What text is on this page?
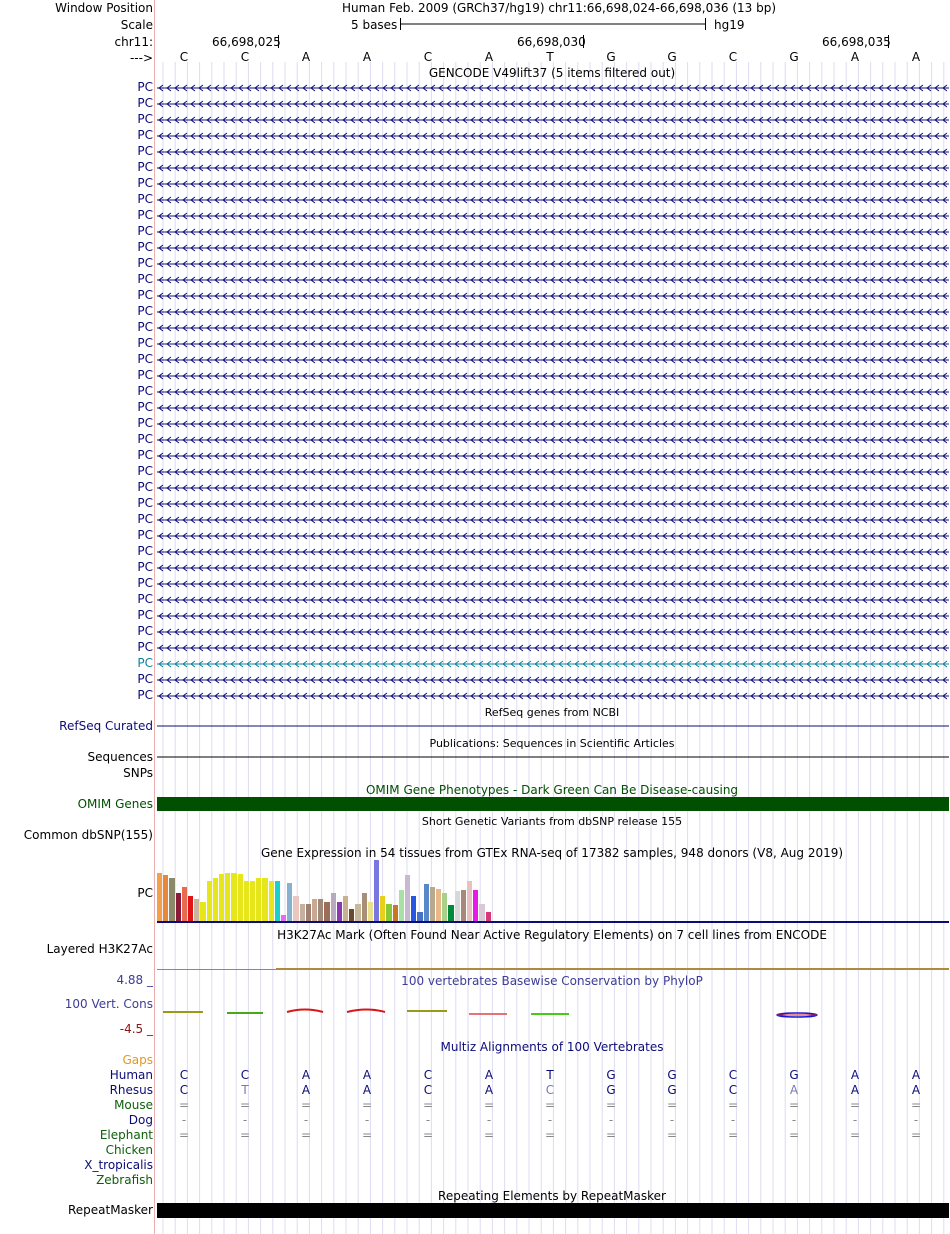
Window Position
Scale
chr11:
--->
Human Feb. 2009 (GRCh37/hg19) chr11:66,698,024-66,698,036 (13 bp)
5 bases	hg19
66,698,025	66,698,030	66,698,035
C	C	A	A	C	A	T	G	G	C	G	A	A
GENCODE V49lift37 (5 items filtered out)
PC
PC
PC
PC
PC
PC
PC
PC
PC
PC
PC
PC
PC
PC
PC
PC
PC
PC
PC
PC
PC
PC
PC
PC
PC
PC
PC
PC
PC
PC
PC
PC
PC
PC
PC
PC
PC
PC
PC
RefSeq genes from NCBI
RefSeq Curated
Publications: Sequences in Scientific Articles
Sequences
SNPs
OMIM Gene Phenotypes - Dark Green Can Be Disease-causing
OMIM Genes
Short Genetic Variants from dbSNP release 155
Common dbSNP(155)
Gene Expression in 54 tissues from GTEx RNA-seq of 17382 samples, 948 donors (V8, Aug 2019)
PC
H3K27Ac Mark (Often Found Near Active Regulatory Elements) on 7 cell lines from ENCODE
Layered H3K27Ac
100 vertebrates Basewise Conservation by PhyloP
4.88 _
100 Vert. Cons
-4.5 _
Multiz Alignments of 100 Vertebrates
Gaps
Human C	C	A	A	C	A	T	G	G	C	G	A	A
Rhesus C	T	A	A	C	A	C	G	G	C	A	A	A
Mouse =	=	=	=	=	=	=	=	=	=	=	=	=
Dog -	-	-	-	-	-	-	-	-	-	-	-	-
Elephant =	=	=	=	=	=	=	=	=	=	=	=	=
Chicken
X_tropicalis
Zebrafish
Repeating Elements by RepeatMasker
RepeatMasker
